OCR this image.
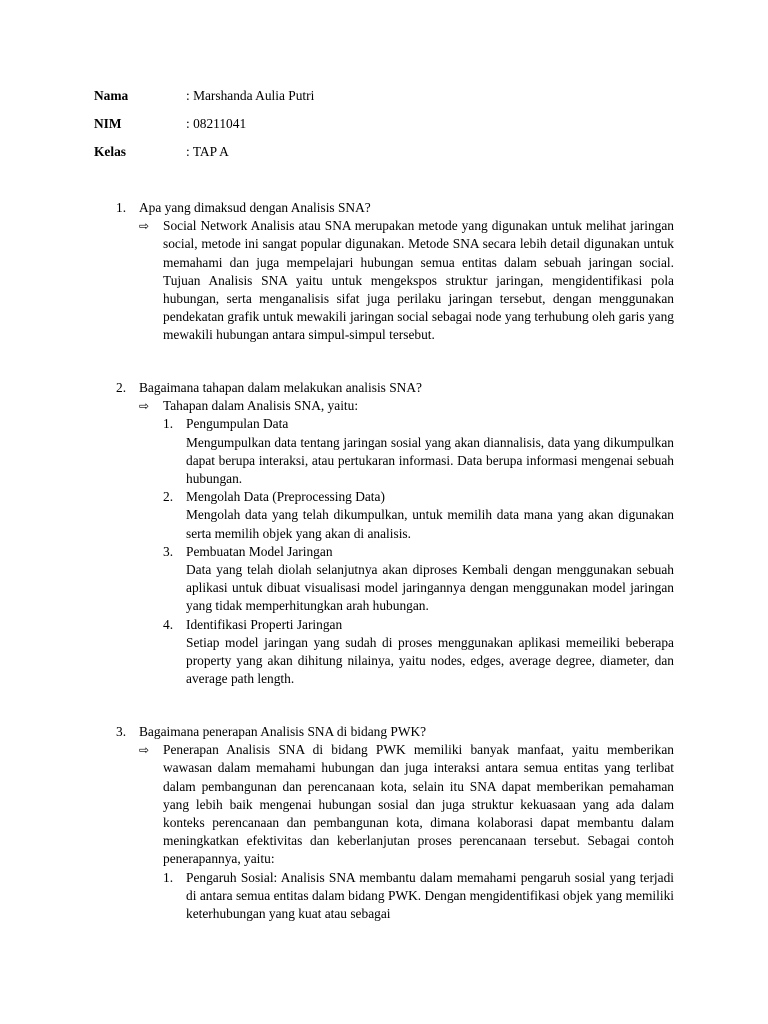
Nama	: Marshanda Aulia Putri
NIM	: 08211041
Kelas	: TAP A
1. Apa yang dimaksud dengan Analisis SNA?
⇨	Social Network Analisis atau SNA merupakan metode yang digunakan untuk melihat jaringan social, metode ini sangat popular digunakan. Metode SNA secara lebih detail digunakan untuk memahami dan juga mempelajari hubungan semua entitas dalam sebuah jaringan social. Tujuan Analisis SNA yaitu untuk mengekspos struktur jaringan, mengidentifikasi pola hubungan, serta menganalisis sifat juga perilaku jaringan tersebut, dengan menggunakan pendekatan grafik untuk mewakili jaringan social sebagai node yang terhubung oleh garis yang mewakili hubungan antara simpul-simpul tersebut.
2. Bagaimana tahapan dalam melakukan analisis SNA?
⇨	Tahapan dalam Analisis SNA, yaitu:
1. Pengumpulan Data
Mengumpulkan data tentang jaringan sosial yang akan diannalisis, data yang dikumpulkan dapat berupa interaksi, atau pertukaran informasi. Data berupa informasi mengenai sebuah hubungan.
2. Mengolah Data (Preprocessing Data)
Mengolah data yang telah dikumpulkan, untuk memilih data mana yang akan digunakan serta memilih objek yang akan di analisis.
3. Pembuatan Model Jaringan
Data yang telah diolah selanjutnya akan diproses Kembali dengan menggunakan sebuah aplikasi untuk dibuat visualisasi model jaringannya dengan menggunakan model jaringan yang tidak memperhitungkan arah hubungan.
4. Identifikasi Properti Jaringan
Setiap model jaringan yang sudah di proses menggunakan aplikasi memeiliki beberapa property yang akan dihitung nilainya, yaitu nodes, edges, average degree, diameter, dan average path length.
3. Bagaimana penerapan Analisis SNA di bidang PWK?
⇨	Penerapan Analisis SNA di bidang PWK memiliki banyak manfaat, yaitu memberikan wawasan dalam memahami hubungan dan juga interaksi antara semua entitas yang terlibat dalam pembangunan dan perencanaan kota, selain itu SNA dapat memberikan pemahaman yang lebih baik mengenai hubungan sosial dan juga struktur kekuasaan yang ada dalam konteks perencanaan dan pembangunan kota, dimana kolaborasi dapat membantu dalam meningkatkan efektivitas dan keberlanjutan proses perencanaan tersebut. Sebagai contoh penerapannya, yaitu:
1. Pengaruh Sosial: Analisis SNA membantu dalam memahami pengaruh sosial yang terjadi di antara semua entitas dalam bidang PWK. Dengan mengidentifikasi objek yang memiliki keterhubungan yang kuat atau sebagai
